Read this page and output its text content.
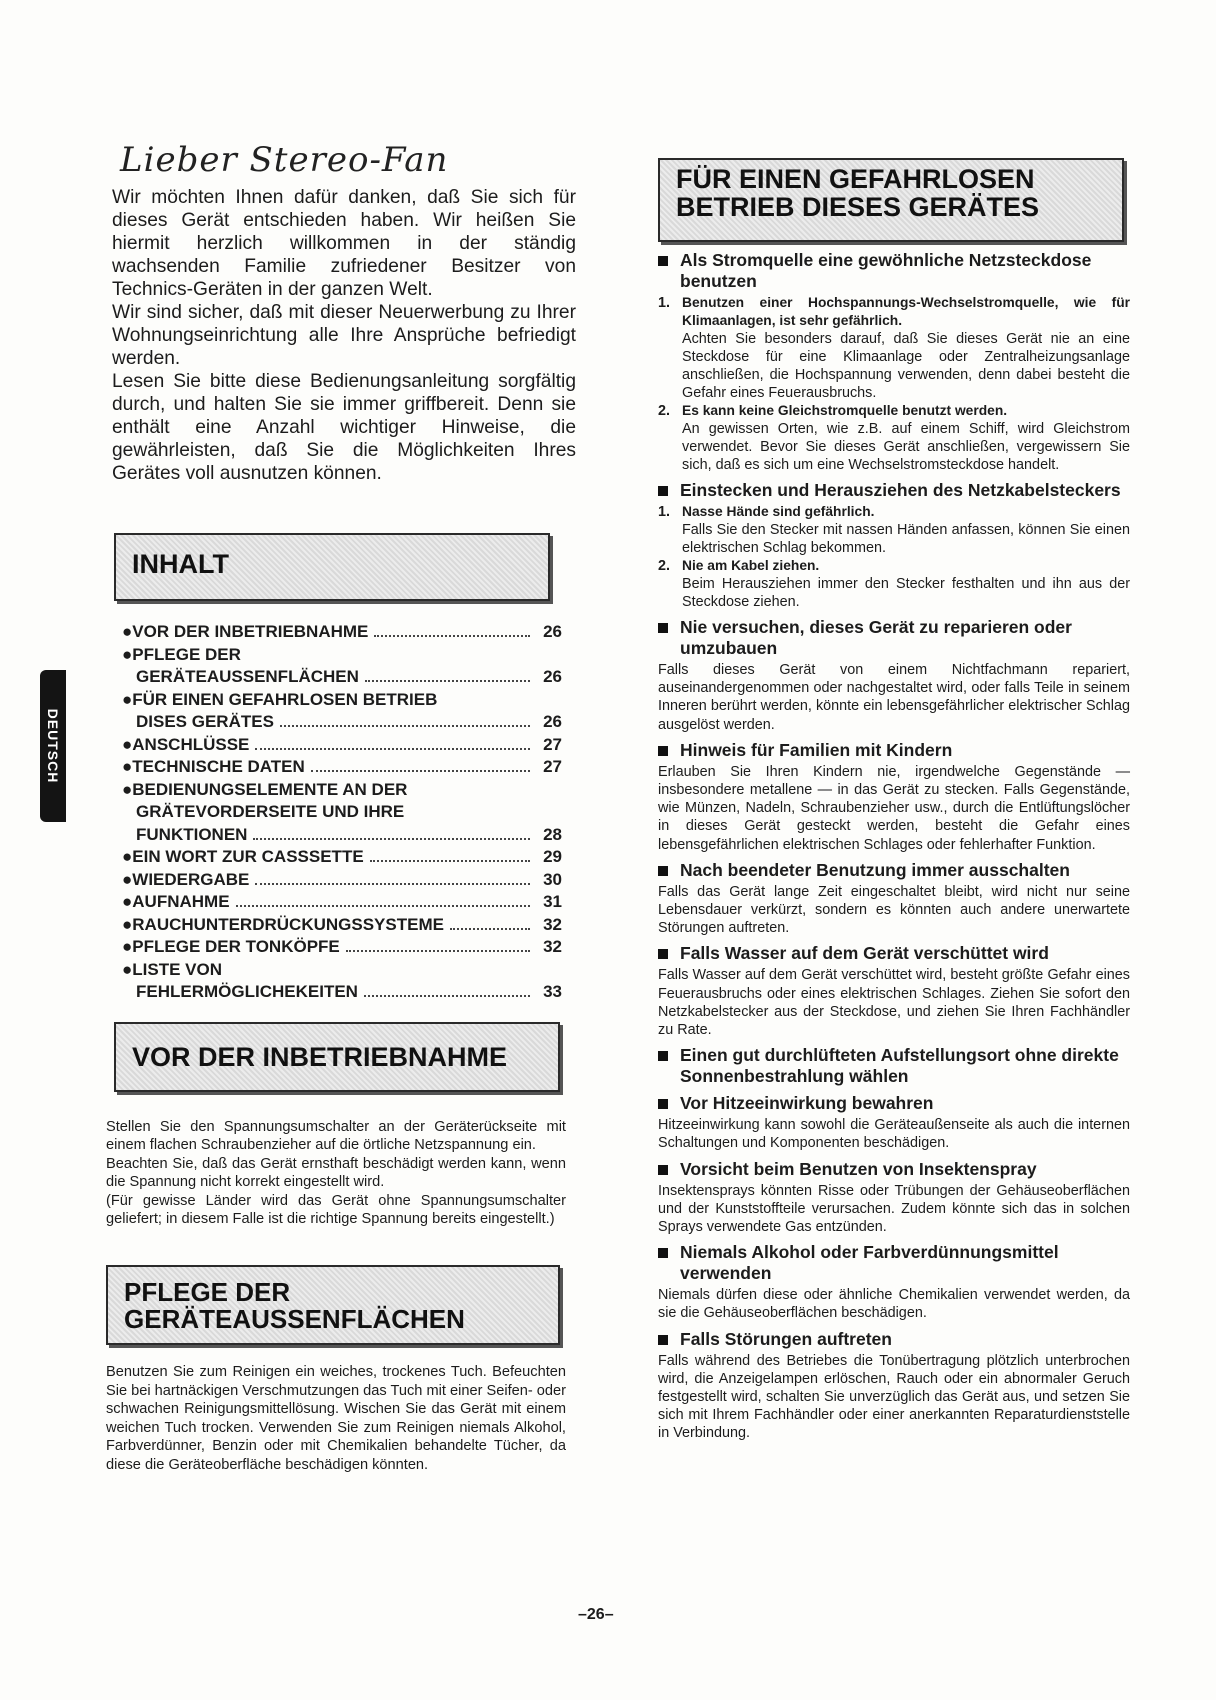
DEUTSCH
Lieber Stereo-Fan

Wir möchten Ihnen dafür danken, daß Sie sich für dieses Gerät entschieden haben. Wir heißen Sie hiermit herzlich willkommen in der ständig wachsenden Familie zufriedener Besitzer von Technics-Geräten in der ganzen Welt.

Wir sind sicher, daß mit dieser Neuerwerbung zu Ihrer Wohnungseinrichtung alle Ihre Ansprüche befriedigt werden.

Lesen Sie bitte diese Bedienungsanleitung sorgfältig durch, und halten Sie sie immer griffbereit. Denn sie enthält eine Anzahl wichtiger Hinweise, die gewährleisten, daß Sie die Möglichkeiten Ihres Gerätes voll ausnutzen können.

INHALT
●VOR DER INBETRIEBNAHME	26
●PFLEGE DER
GERÄTEAUSSENFLÄCHEN	26
●FÜR EINEN GEFAHRLOSEN BETRIEB
DISES GERÄTES	26
●ANSCHLÜSSE	27
●TECHNISCHE DATEN	27
●BEDIENUNGSELEMENTE AN DER
GRÄTEVORDERSEITE UND IHRE
FUNKTIONEN	28
●EIN WORT ZUR CASSSETTE	29
●WIEDERGABE	30
●AUFNAHME	31
●RAUCHUNTERDRÜCKUNGSSYSTEME	32
●PFLEGE DER TONKÖPFE	32
●LISTE VON
FEHLERMÖGLICHEKEITEN	33
VOR DER INBETRIEBNAHME

Stellen Sie den Spannungsumschalter an der Geräterückseite mit einem flachen Schraubenzieher auf die örtliche Netzspannung ein.

Beachten Sie, daß das Gerät ernsthaft beschädigt werden kann, wenn die Spannung nicht korrekt eingestellt wird.

(Für gewisse Länder wird das Gerät ohne Spannungsumschalter geliefert; in diesem Falle ist die richtige Spannung bereits eingestellt.)

PFLEGE DER
GERÄTEAUSSENFLÄCHEN

Benutzen Sie zum Reinigen ein weiches, trockenes Tuch. Befeuchten Sie bei hartnäckigen Verschmutzungen das Tuch mit einer Seifen- oder schwachen Reinigungsmittellösung. Wischen Sie das Gerät mit einem weichen Tuch trocken. Verwenden Sie zum Reinigen niemals Alkohol, Farbverdünner, Benzin oder mit Chemikalien behandelte Tücher, da diese die Geräteoberfläche beschädigen könnten.

FÜR EINEN GEFAHRLOSEN
BETRIEB DIESES GERÄTES
Als Stromquelle eine gewöhnliche Netzsteckdose benutzen
1. Benutzen einer Hochspannungs-Wechselstromquelle, wie für Klimaanlagen, ist sehr gefährlich.
Achten Sie besonders darauf, daß Sie dieses Gerät nie an eine Steckdose für eine Klimaanlage oder Zentralheizungsanlage anschließen, die Hochspannung verwenden, denn dabei besteht die Gefahr eines Feuerausbruchs.
2. Es kann keine Gleichstromquelle benutzt werden.
An gewissen Orten, wie z.B. auf einem Schiff, wird Gleichstrom verwendet. Bevor Sie dieses Gerät anschließen, vergewissern Sie sich, daß es sich um eine Wechselstromsteckdose handelt.
Einstecken und Herausziehen des Netzkabelsteckers
1. Nasse Hände sind gefährlich.
Falls Sie den Stecker mit nassen Händen anfassen, können Sie einen elektrischen Schlag bekommen.
2. Nie am Kabel ziehen.
Beim Herausziehen immer den Stecker festhalten und ihn aus der Steckdose ziehen.
Nie versuchen, dieses Gerät zu reparieren oder umzubauen

Falls dieses Gerät von einem Nichtfachmann repariert, auseinandergenommen oder nachgestaltet wird, oder falls Teile in seinem Inneren berührt werden, könnte ein lebensgefährlicher elektrischer Schlag ausgelöst werden.

Hinweis für Familien mit Kindern

Erlauben Sie Ihren Kindern nie, irgendwelche Gegenstände — insbesondere metallene — in das Gerät zu stecken. Falls Gegenstände, wie Münzen, Nadeln, Schraubenzieher usw., durch die Entlüftungslöcher in dieses Gerät gesteckt werden, besteht die Gefahr eines lebensgefährlichen elektrischen Schlages oder fehlerhafter Funktion.

Nach beendeter Benutzung immer ausschalten

Falls das Gerät lange Zeit eingeschaltet bleibt, wird nicht nur seine Lebensdauer verkürzt, sondern es könnten auch andere unerwartete Störungen auftreten.

Falls Wasser auf dem Gerät verschüttet wird

Falls Wasser auf dem Gerät verschüttet wird, besteht größte Gefahr eines Feuerausbruchs oder eines elektrischen Schlages. Ziehen Sie sofort den Netzkabelstecker aus der Steckdose, und ziehen Sie Ihren Fachhändler zu Rate.

Einen gut durchlüfteten Aufstellungsort ohne direkte Sonnenbestrahlung wählen
Vor Hitzeeinwirkung bewahren

Hitzeeinwirkung kann sowohl die Geräteaußenseite als auch die internen Schaltungen und Komponenten beschädigen.

Vorsicht beim Benutzen von Insektenspray

Insektensprays könnten Risse oder Trübungen der Gehäuseoberflächen und der Kunststoffteile verursachen. Zudem könnte sich das in solchen Sprays verwendete Gas entzünden.

Niemals Alkohol oder Farbverdünnungsmittel verwenden

Niemals dürfen diese oder ähnliche Chemikalien verwendet werden, da sie die Gehäuseoberflächen beschädigen.

Falls Störungen auftreten

Falls während des Betriebes die Tonübertragung plötzlich unterbrochen wird, die Anzeigelampen erlöschen, Rauch oder ein abnormaler Geruch festgestellt wird, schalten Sie unverzüglich das Gerät aus, und setzen Sie sich mit Ihrem Fachhändler oder einer anerkannten Reparaturdienststelle in Verbindung.

–26–
